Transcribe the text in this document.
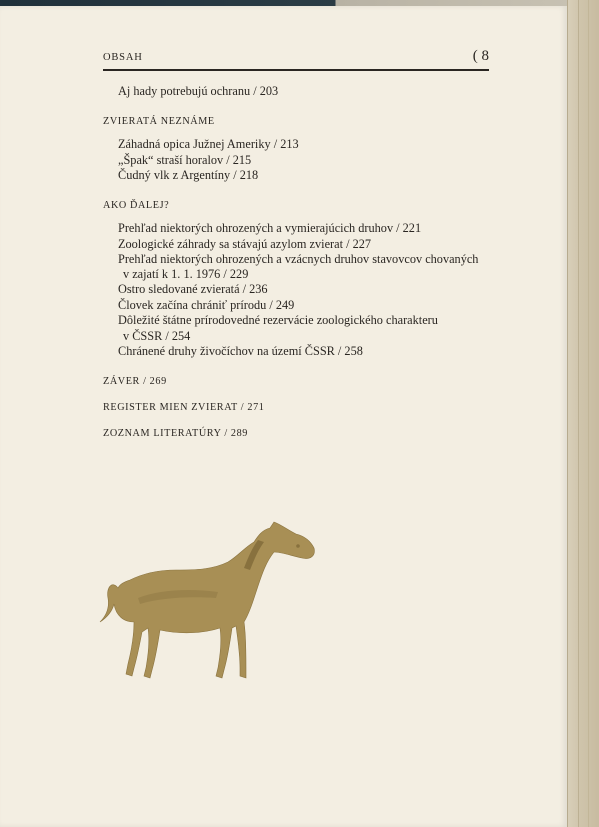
OBSAH	( 8
Aj hady potrebujú ochranu / 203
ZVIERATÁ NEZNÁME
Záhadná opica Južnej Ameriky / 213
„Špak“ straší horalov / 215
Čudný vlk z Argentíny / 218
AKO ĎALEJ?
Prehľad niektorých ohrozených a vymierajúcich druhov / 221
Zoologické záhrady sa stávajú azylom zvierat / 227
Prehľad niektorých ohrozených a vzácnych druhov stavovcov chovaných
v zajatí k 1. 1. 1976 / 229
Ostro sledované zvieratá / 236
Človek začína chrániť prírodu / 249
Dôležité štátne prírodovedné rezervácie zoologického charakteru
v ČSSR / 254
Chránené druhy živočíchov na území ČSSR / 258
ZÁVER / 269
REGISTER MIEN ZVIERAT / 271
ZOZNAM LITERATÚRY / 289
